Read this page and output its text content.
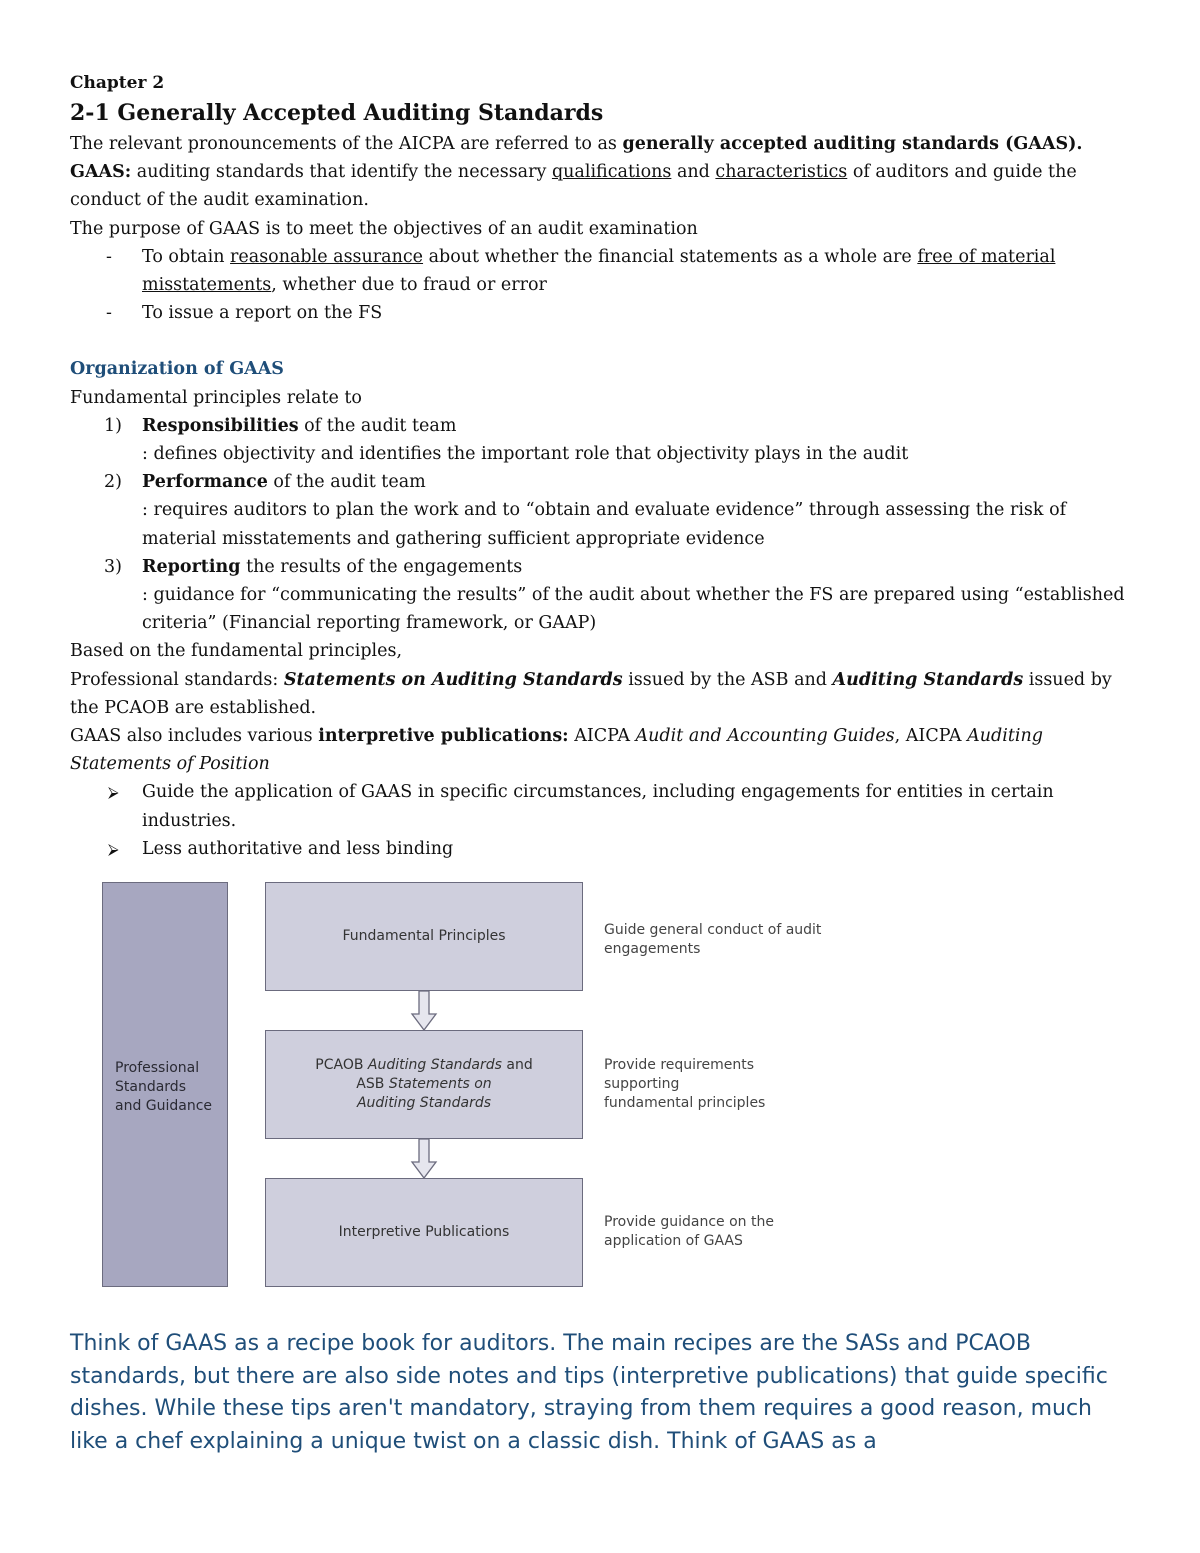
Chapter 2
2-1 Generally Accepted Auditing Standards

The relevant pronouncements of the AICPA are referred to as generally accepted auditing standards (GAAS).

GAAS: auditing standards that identify the necessary qualifications and characteristics of auditors and guide the conduct of the audit examination.

The purpose of GAAS is to meet the objectives of an audit examination

- To obtain reasonable assurance about whether the financial statements as a whole are free of material misstatements, whether due to fraud or error
- To issue a report on the FS
Organization of GAAS

Fundamental principles relate to

1) Responsibilities of the audit team
: defines objectivity and identifies the important role that objectivity plays in the audit
2) Performance of the audit team
: requires auditors to plan the work and to “obtain and evaluate evidence” through assessing the risk of material misstatements and gathering sufficient appropriate evidence
3) Reporting the results of the engagements
: guidance for “communicating the results” of the audit about whether the FS are prepared using “established criteria” (Financial reporting framework, or GAAP)

Based on the fundamental principles,

Professional standards: Statements on Auditing Standards issued by the ASB and Auditing Standards issued by the PCAOB are established.

GAAS also includes various interpretive publications: AICPA Audit and Accounting Guides, AICPA Auditing Statements of Position

⮚ Guide the application of GAAS in specific circumstances, including engagements for entities in certain industries.
⮚ Less authoritative and less binding
Professional
Standards
and Guidance
Fundamental Principles
PCAOB Auditing Standards and
ASB Statements on
Auditing Standards
Interpretive Publications
Guide general conduct of audit
engagements
Provide requirements
supporting
fundamental principles
Provide guidance on the
application of GAAS
Think of GAAS as a recipe book for auditors. The main recipes are the SASs and PCAOB standards, but there are also side notes and tips (interpretive publications) that guide specific dishes. While these tips aren't mandatory, straying from them requires a good reason, much like a chef explaining a unique twist on a classic dish. Think of GAAS as a
